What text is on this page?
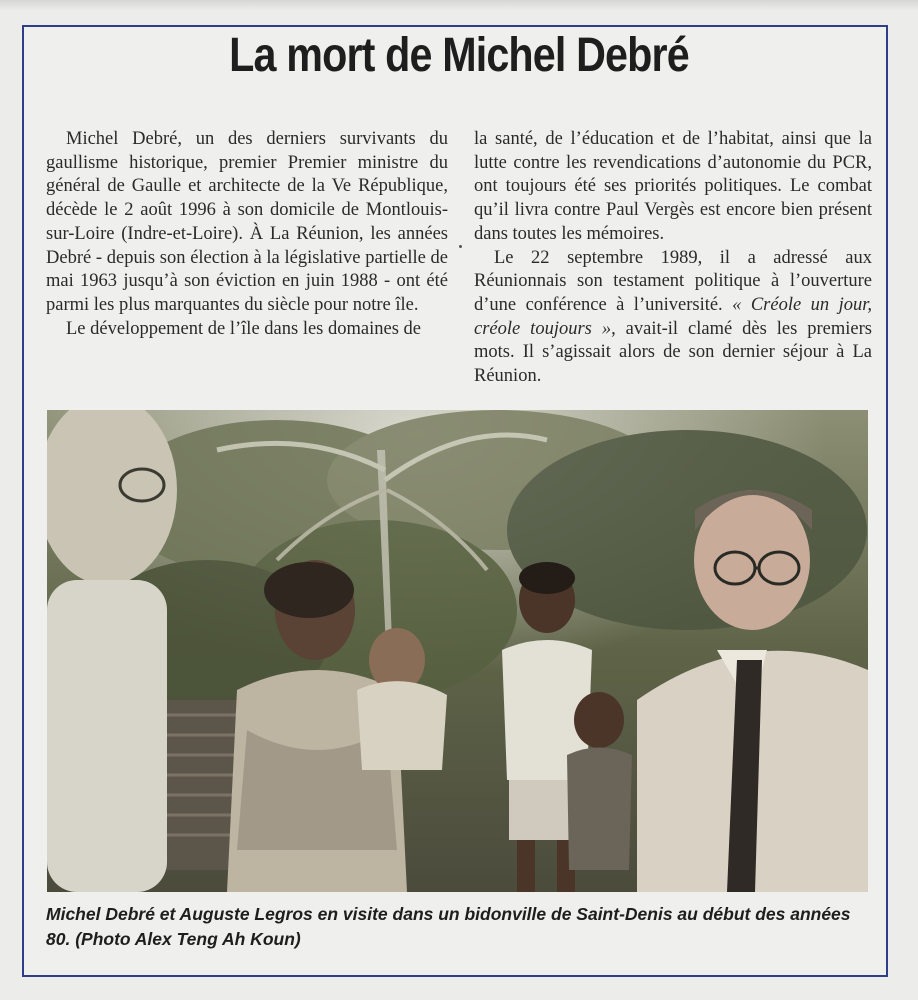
La mort de Michel Debré

Michel Debré, un des derniers survivants du gaullisme historique, premier Premier ministre du général de Gaulle et architecte de la Ve République, décède le 2 août 1996 à son domicile de Montlouis-sur-Loire (Indre-et-Loire). À La Réunion, les années Debré - depuis son élection à la législative partielle de mai 1963 jusqu’à son éviction en juin 1988 - ont été parmi les plus marquantes du siècle pour notre île.

Le développement de l’île dans les domaines de

la santé, de l’éducation et de l’habitat, ainsi que la lutte contre les revendications d’autonomie du PCR, ont toujours été ses priorités politiques. Le combat qu’il livra contre Paul Vergès est encore bien présent dans toutes les mémoires.

Le 22 septembre 1989, il a adressé aux Réunionnais son testament politique à l’ouverture d’une conférence à l’université. « Créole un jour, créole toujours », avait-il clamé dès les premiers mots. Il s’agissait alors de son dernier séjour à La Réunion.

Michel Debré et Auguste Legros en visite dans un bidonville de Saint-Denis au début des années 80. (Photo Alex Teng Ah Koun)
